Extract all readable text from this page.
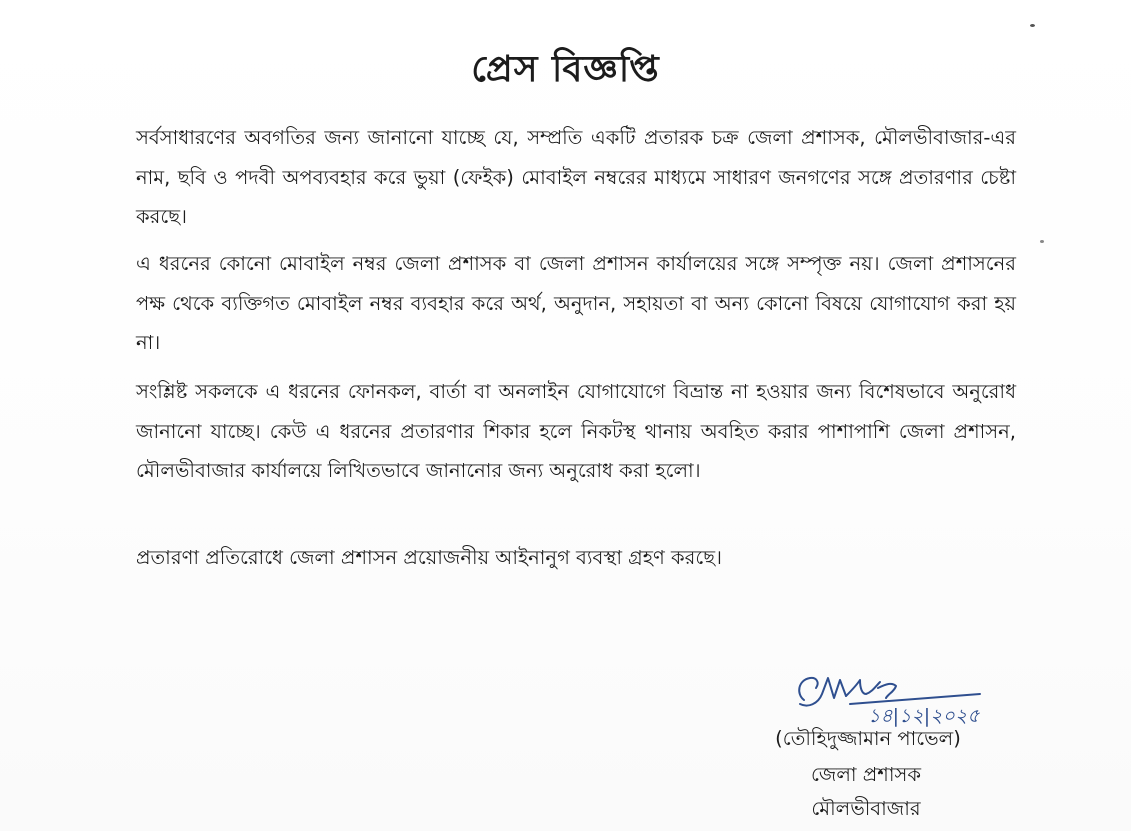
প্রেস বিজ্ঞপ্তি

সর্বসাধারণের অবগতির জন্য জানানো যাচ্ছে যে, সম্প্রতি একটি প্রতারক চক্র জেলা প্রশাসক, মৌলভীবাজার-এর নাম, ছবি ও পদবী অপব্যবহার করে ভুয়া (ফেইক) মোবাইল নম্বরের মাধ্যমে সাধারণ জনগণের সঙ্গে প্রতারণার চেষ্টা করছে।

এ ধরনের কোনো মোবাইল নম্বর জেলা প্রশাসক বা জেলা প্রশাসন কার্যালয়ের সঙ্গে সম্পৃক্ত নয়। জেলা প্রশাসনের পক্ষ থেকে ব্যক্তিগত মোবাইল নম্বর ব্যবহার করে অর্থ, অনুদান, সহায়তা বা অন্য কোনো বিষয়ে যোগাযোগ করা হয় না।

সংশ্লিষ্ট সকলকে এ ধরনের ফোনকল, বার্তা বা অনলাইন যোগাযোগে বিভ্রান্ত না হওয়ার জন্য বিশেষভাবে অনুরোধ জানানো যাচ্ছে। কেউ এ ধরনের প্রতারণার শিকার হলে নিকটস্থ থানায় অবহিত করার পাশাপাশি জেলা প্রশাসন, মৌলভীবাজার কার্যালয়ে লিখিতভাবে জানানোর জন্য অনুরোধ করা হলো।

প্রতারণা প্রতিরোধে জেলা প্রশাসন প্রয়োজনীয় আইনানুগ ব্যবস্থা গ্রহণ করছে।

১৪|১২|২০২৫
(তৌহিদুজ্জামান পাভেল)
জেলা প্রশাসক
মৌলভীবাজার
